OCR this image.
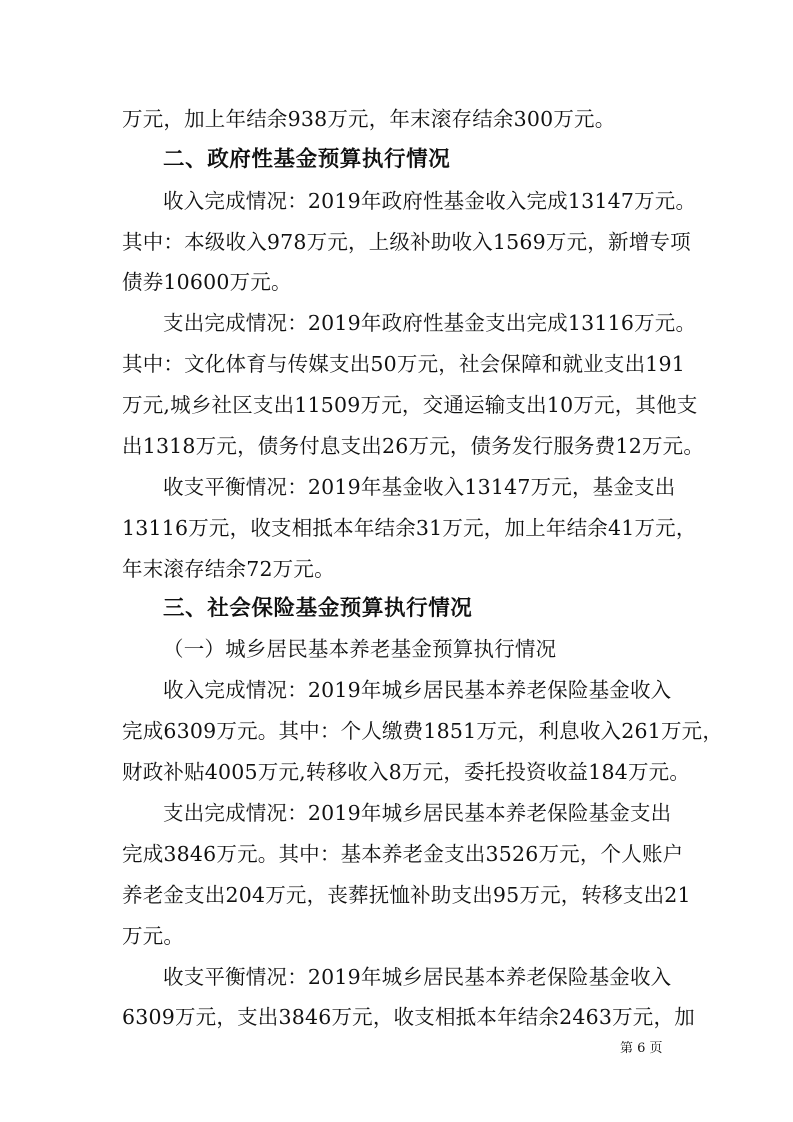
万元，加上年结余938万元，年末滚存结余300万元。
二、政府性基金预算执行情况
收入完成情况：2019年政府性基金收入完成13147万元。
其中：本级收入978万元，上级补助收入1569万元，新增专项
债券10600万元。
支出完成情况：2019年政府性基金支出完成13116万元。
其中：文化体育与传媒支出50万元，社会保障和就业支出191
万元,城乡社区支出11509万元，交通运输支出10万元，其他支
出1318万元，债务付息支出26万元，债务发行服务费12万元。
收支平衡情况：2019年基金收入13147万元，基金支出
13116万元，收支相抵本年结余31万元，加上年结余41万元，
年末滚存结余72万元。
三、社会保险基金预算执行情况
（一）城乡居民基本养老基金预算执行情况
收入完成情况：2019年城乡居民基本养老保险基金收入
完成6309万元。其中：个人缴费1851万元，利息收入261万元，
财政补贴4005万元,转移收入8万元，委托投资收益184万元。
支出完成情况：2019年城乡居民基本养老保险基金支出
完成3846万元。其中：基本养老金支出3526万元，个人账户
养老金支出204万元，丧葬抚恤补助支出95万元，转移支出21
万元。
收支平衡情况：2019年城乡居民基本养老保险基金收入
6309万元，支出3846万元，收支相抵本年结余2463万元，加
第 6 页
